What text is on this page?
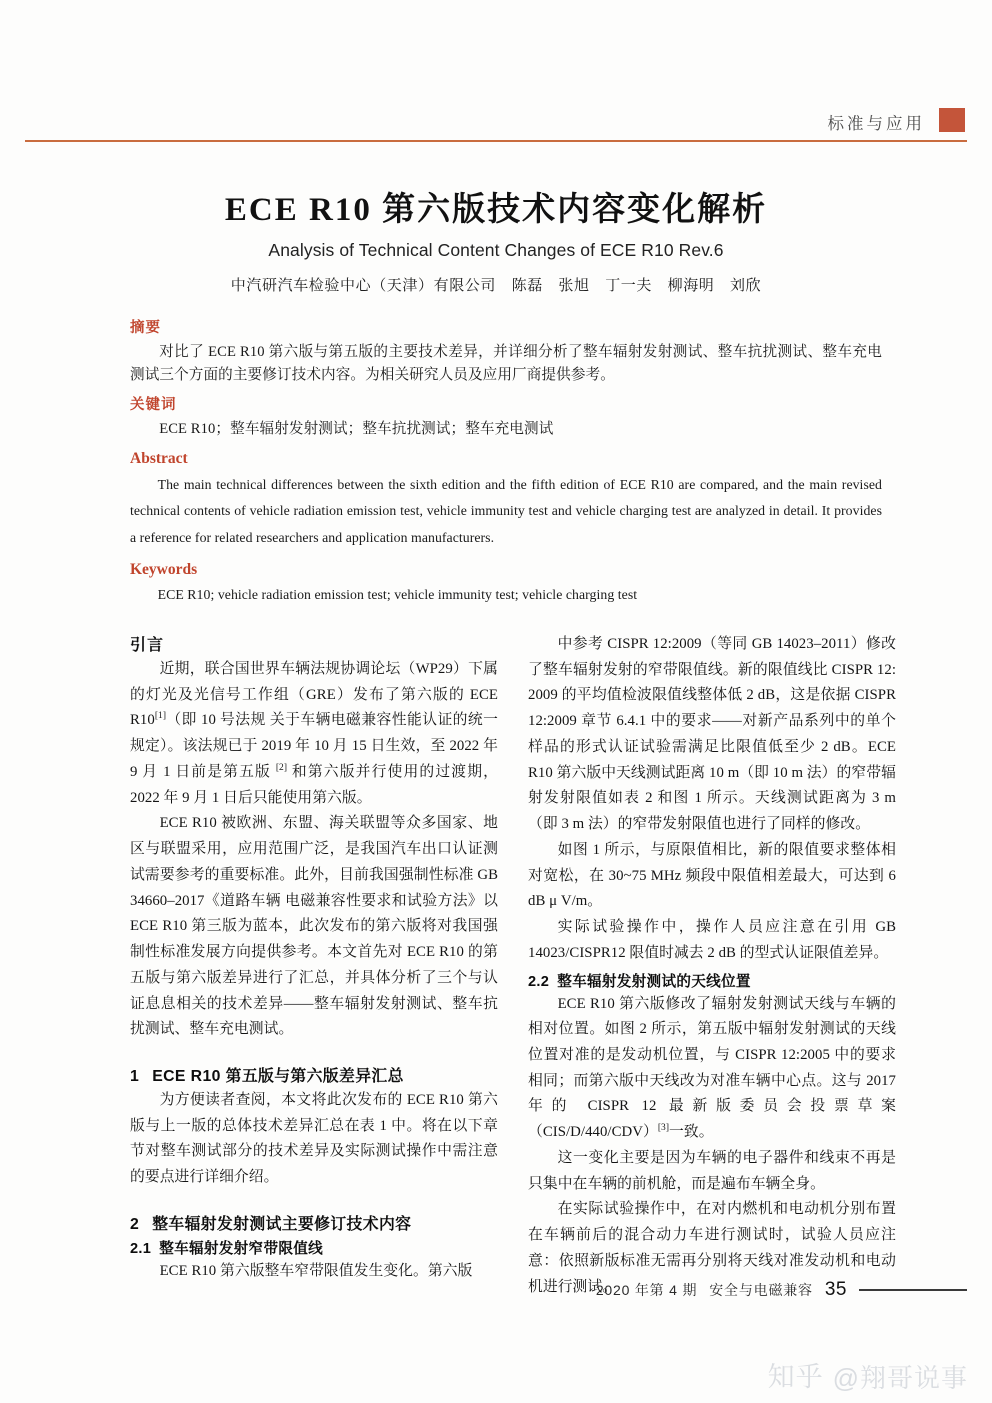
标准与应用
ECE R10 第六版技术内容变化解析
Analysis of Technical Content Changes of ECE R10 Rev.6
中汽研汽车检验中心（天津）有限公司　陈磊　张旭　丁一夫　柳海明　刘欣
摘要
对比了 ECE R10 第六版与第五版的主要技术差异，并详细分析了整车辐射发射测试、整车抗扰测试、整车充电测试三个方面的主要修订技术内容。为相关研究人员及应用厂商提供参考。
关键词
ECE R10；整车辐射发射测试；整车抗扰测试；整车充电测试
Abstract
The main technical differences between the sixth edition and the fifth edition of ECE R10 are compared, and the main revised technical contents of vehicle radiation emission test, vehicle immunity test and vehicle charging test are analyzed in detail. It provides a reference for related researchers and application manufacturers.
Keywords
ECE R10; vehicle radiation emission test; vehicle immunity test; vehicle charging test
引言

近期，联合国世界车辆法规协调论坛（WP29）下属的灯光及光信号工作组（GRE）发布了第六版的 ECE R10[1]（即 10 号法规 关于车辆电磁兼容性能认证的统一规定）。该法规已于 2019 年 10 月 15 日生效，至 2022 年 9 月 1 日前是第五版 [2] 和第六版并行使用的过渡期，2022 年 9 月 1 日后只能使用第六版。

ECE R10 被欧洲、东盟、海关联盟等众多国家、地区与联盟采用，应用范围广泛，是我国汽车出口认证测试需要参考的重要标准。此外，目前我国强制性标准 GB 34660–2017《道路车辆 电磁兼容性要求和试验方法》以 ECE R10 第三版为蓝本，此次发布的第六版将对我国强制性标准发展方向提供参考。本文首先对 ECE R10 的第五版与第六版差异进行了汇总，并具体分析了三个与认证息息相关的技术差异——整车辐射发射测试、整车抗扰测试、整车充电测试。

1 ECE R10 第五版与第六版差异汇总

为方便读者查阅，本文将此次发布的 ECE R10 第六版与上一版的总体技术差异汇总在表 1 中。将在以下章节对整车测试部分的技术差异及实际测试操作中需注意的要点进行详细介绍。

2 整车辐射发射测试主要修订技术内容
2.1 整车辐射发射窄带限值线

ECE R10 第六版整车窄带限值发生变化。第六版

中参考 CISPR 12:2009（等同 GB 14023–2011）修改了整车辐射发射的窄带限值线。新的限值线比 CISPR 12: 2009 的平均值检波限值线整体低 2 dB，这是依据 CISPR 12:2009 章节 6.4.1 中的要求——对新产品系列中的单个样品的形式认证试验需满足比限值低至少 2 dB。ECE R10 第六版中天线测试距离 10 m（即 10 m 法）的窄带辐射发射限值如表 2 和图 1 所示。天线测试距离为 3 m（即 3 m 法）的窄带发射限值也进行了同样的修改。

如图 1 所示，与原限值相比，新的限值要求整体相对宽松，在 30~75 MHz 频段中限值相差最大，可达到 6 dB μ V/m。

实际试验操作中，操作人员应注意在引用 GB 14023/CISPR12 限值时减去 2 dB 的型式认证限值差异。

2.2 整车辐射发射测试的天线位置

ECE R10 第六版修改了辐射发射测试天线与车辆的相对位置。如图 2 所示，第五版中辐射发射测试的天线位置对准的是发动机位置，与 CISPR 12:2005 中的要求相同；而第六版中天线改为对准车辆中心点。这与 2017 年的 CISPR 12 最新版委员会投票草案（CIS/D/440/CDV）[3]一致。

这一变化主要是因为车辆的电子器件和线束不再是只集中在车辆的前机舱，而是遍布车辆全身。

在实际试验操作中，在对内燃机和电动机分别布置在车辆前后的混合动力车进行测试时，试验人员应注意：依照新版标准无需再分别将天线对准发动机和电动机进行测试。

2020 年第 4 期 安全与电磁兼容 35
知乎 @翔哥说事
